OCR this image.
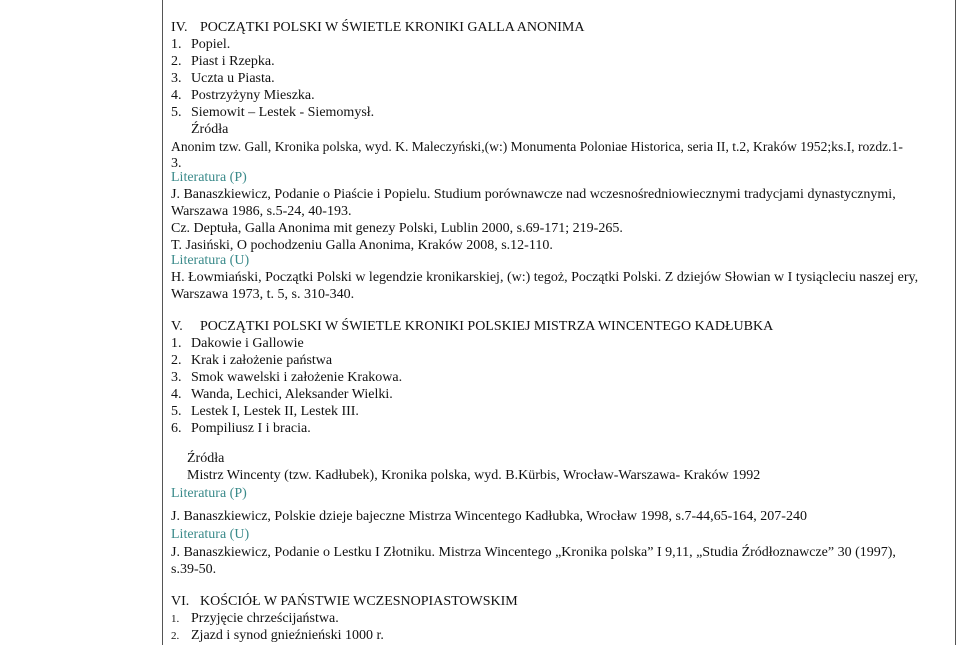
IV. POCZĄTKI POLSKI W ŚWIETLE KRONIKI GALLA ANONIMA
1. Popiel.
2. Piast i Rzepka.
3. Uczta u Piasta.
4. Postrzyżyny Mieszka.
5. Siemowit – Lestek - Siemomysł.
Źródła
Anonim tzw. Gall, Kronika polska, wyd. K. Maleczyński,(w:) Monumenta Poloniae Historica, seria II, t.2, Kraków 1952;ks.I, rozdz.1-
3.
Literatura (P)
J. Banaszkiewicz, Podanie o Piaście i Popielu. Studium porównawcze nad wczesnośredniowiecznymi tradycjami dynastycznymi,
Warszawa 1986, s.5-24, 40-193.
Cz. Deptuła, Galla Anonima mit genezy Polski, Lublin 2000, s.69-171; 219-265.
T. Jasiński, O pochodzeniu Galla Anonima, Kraków 2008, s.12-110.
Literatura (U)
H. Łowmiański, Początki Polski w legendzie kronikarskiej, (w:) tegoż, Początki Polski. Z dziejów Słowian w I tysiącleciu naszej ery,
Warszawa 1973, t. 5, s. 310-340.
V. POCZĄTKI POLSKI W ŚWIETLE KRONIKI POLSKIEJ MISTRZA WINCENTEGO KADŁUBKA
1. Dakowie i Gallowie
2. Krak i założenie państwa
3. Smok wawelski i założenie Krakowa.
4. Wanda, Lechici, Aleksander Wielki.
5. Lestek I, Lestek II, Lestek III.
6. Pompiliusz I i bracia.
Źródła
Mistrz Wincenty (tzw. Kadłubek), Kronika polska, wyd. B.Kürbis, Wrocław-Warszawa- Kraków 1992
Literatura (P)
J. Banaszkiewicz, Polskie dzieje bajeczne Mistrza Wincentego Kadłubka, Wrocław 1998, s.7-44,65-164, 207-240
Literatura (U)
J. Banaszkiewicz, Podanie o Lestku I Złotniku. Mistrza Wincentego „Kronika polska” I 9,11, „Studia Źródłoznawcze” 30 (1997),
s.39-50.
VI. KOŚCIÓŁ W PAŃSTWIE WCZESNOPIASTOWSKIM
1. Przyjęcie chrześcijaństwa.
2. Zjazd i synod gnieźnieński 1000 r.
